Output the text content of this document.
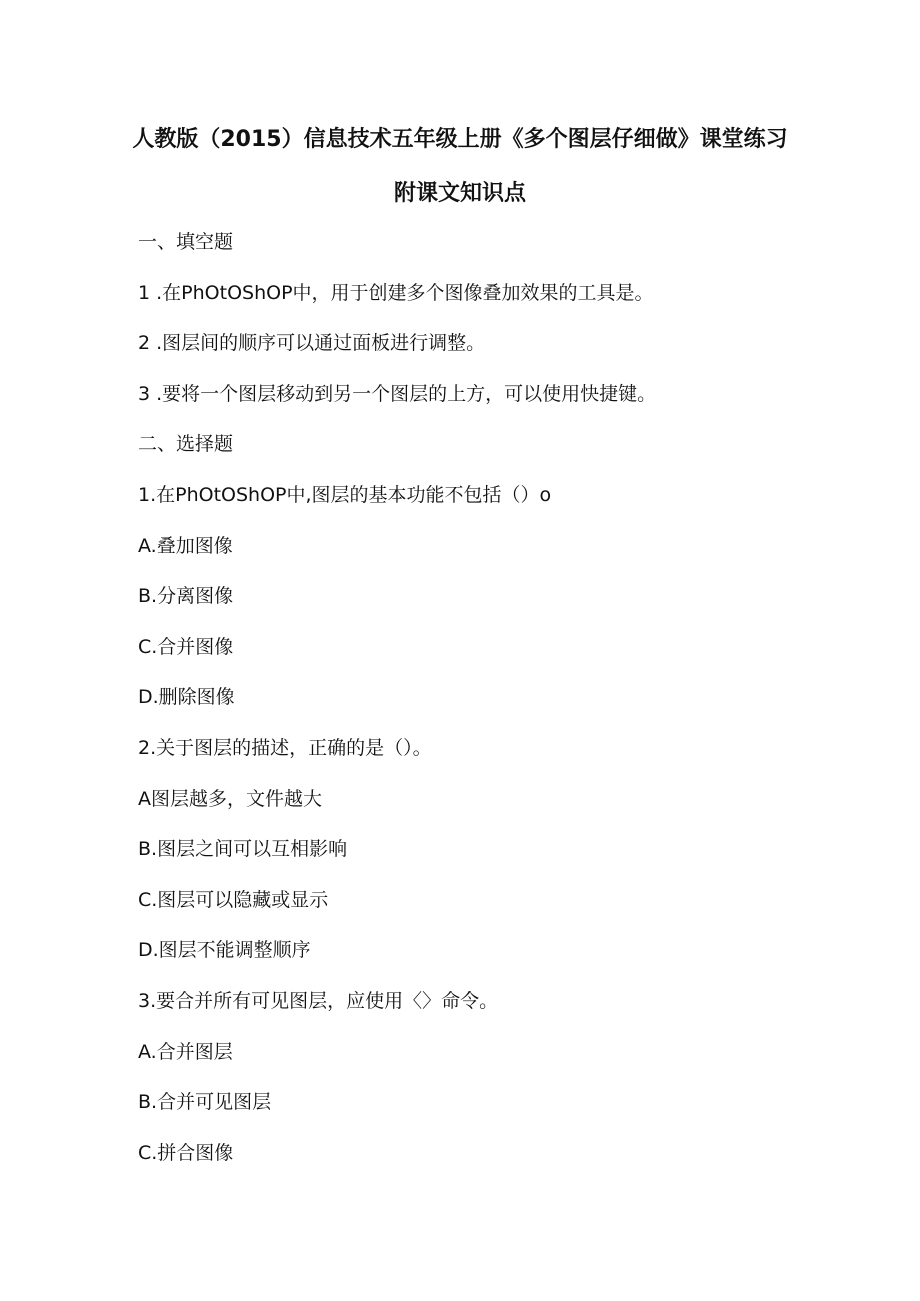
人教版（2015）信息技术五年级上册《多个图层仔细做》课堂练习
附课文知识点
一、填空题
1 .在PhOtOShOP中，用于创建多个图像叠加效果的工具是。
2 .图层间的顺序可以通过面板进行调整。
3 .要将一个图层移动到另一个图层的上方，可以使用快捷键。
二、选择题
1.在PhOtOShOP中,图层的基本功能不包括（）o
A.叠加图像
B.分离图像
C.合并图像
D.删除图像
2.关于图层的描述，正确的是（）。
A图层越多，文件越大
B.图层之间可以互相影响
C.图层可以隐藏或显示
D.图层不能调整顺序
3.要合并所有可见图层，应使用〈〉命令。
A.合并图层
B.合并可见图层
C.拼合图像
